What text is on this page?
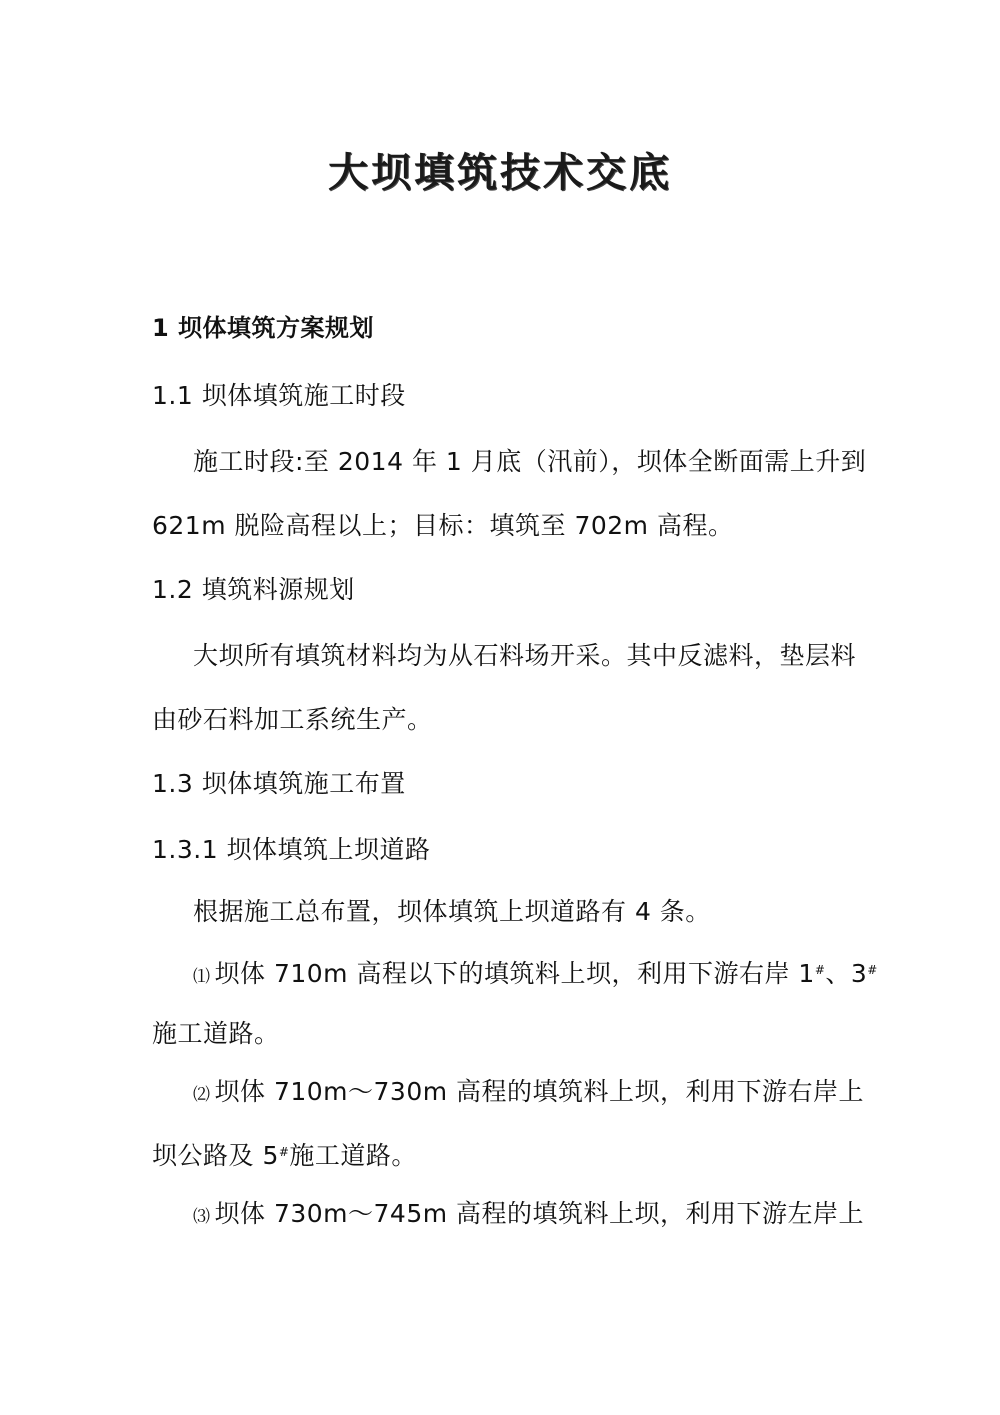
大坝填筑技术交底
1 坝体填筑方案规划
1.1 坝体填筑施工时段
施工时段:至 2014 年 1 月底（汛前），坝体全断面需上升到
621m 脱险高程以上；目标：填筑至 702m 高程。
1.2 填筑料源规划
大坝所有填筑材料均为从石料场开采。其中反滤料，垫层料
由砂石料加工系统生产。
1.3 坝体填筑施工布置
1.3.1 坝体填筑上坝道路
根据施工总布置，坝体填筑上坝道路有 4 条。
⑴ 坝体 710m 高程以下的填筑料上坝，利用下游右岸 1#、3#
施工道路。
⑵ 坝体 710m～730m 高程的填筑料上坝，利用下游右岸上
坝公路及 5#施工道路。
⑶ 坝体 730m～745m 高程的填筑料上坝，利用下游左岸上
